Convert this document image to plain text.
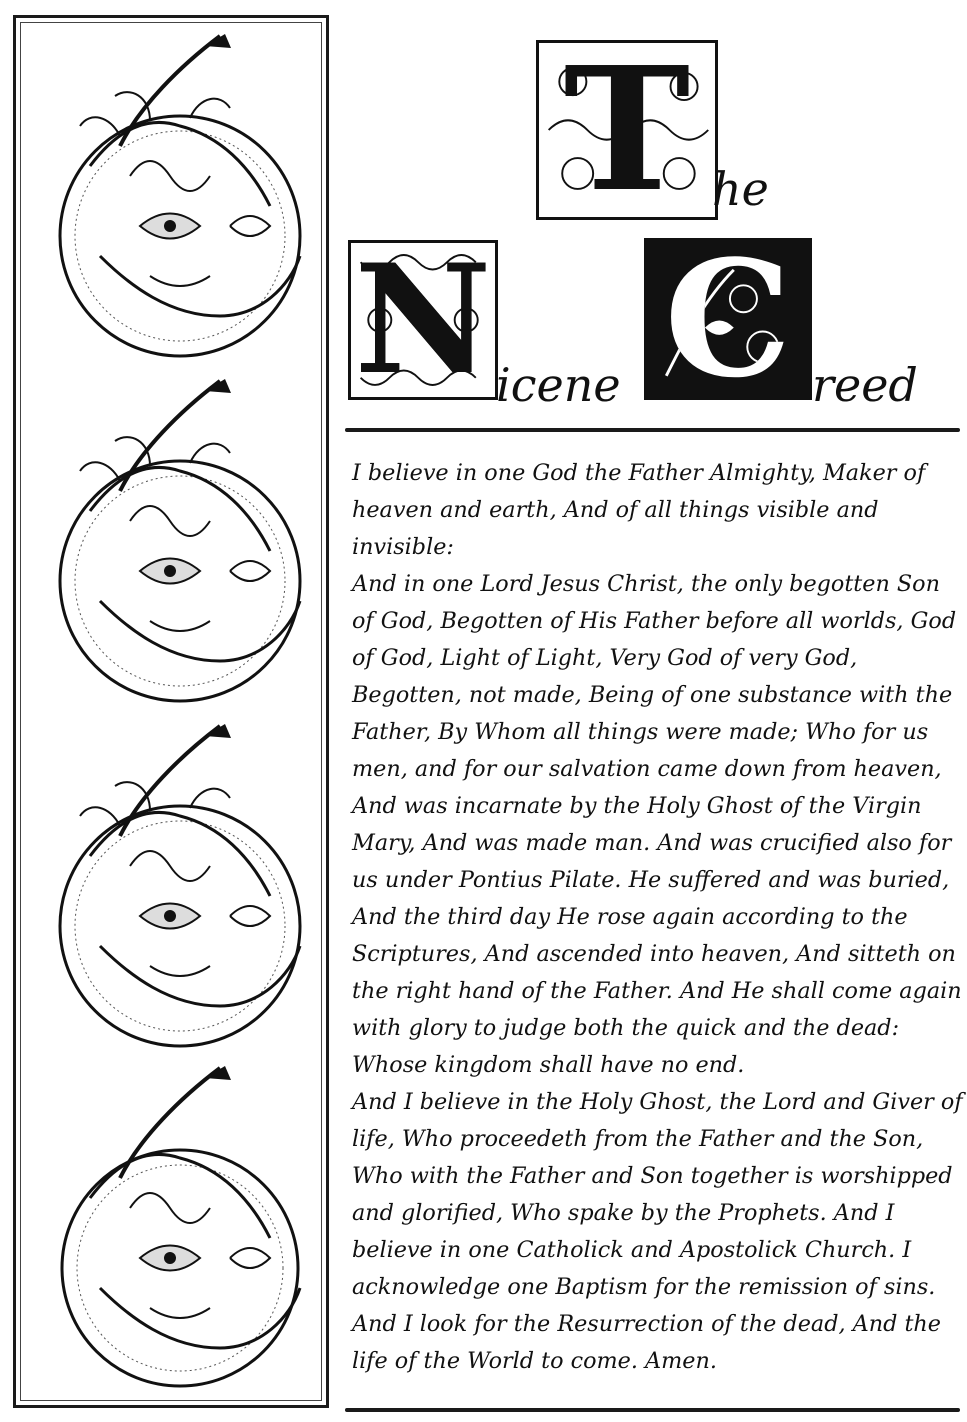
T he
N icene C reed

I believe in one God the Father Almighty, Maker of heaven and earth, And of all things visible and invisible:

And in one Lord Jesus Christ, the only begotten Son of God, Begotten of His Father before all worlds, God of God, Light of Light, Very God of very God, Begotten, not made, Being of one substance with the Father, By Whom all things were made; Who for us men, and for our salvation came down from heaven, And was incarnate by the Holy Ghost of the Virgin Mary, And was made man. And was crucified also for us under Pontius Pilate. He suffered and was buried, And the third day He rose again according to the Scriptures, And ascended into heaven, And sitteth on the right hand of the Father. And He shall come again with glory to judge both the quick and the dead: Whose kingdom shall have no end.

And I believe in the Holy Ghost, the Lord and Giver of life, Who proceedeth from the Father and the Son, Who with the Father and Son together is worshipped and glorified, Who spake by the Prophets. And I believe in one Catholick and Apostolick Church. I acknowledge one Baptism for the remission of sins. And I look for the Resurrection of the dead, And the life of the World to come. Amen.
